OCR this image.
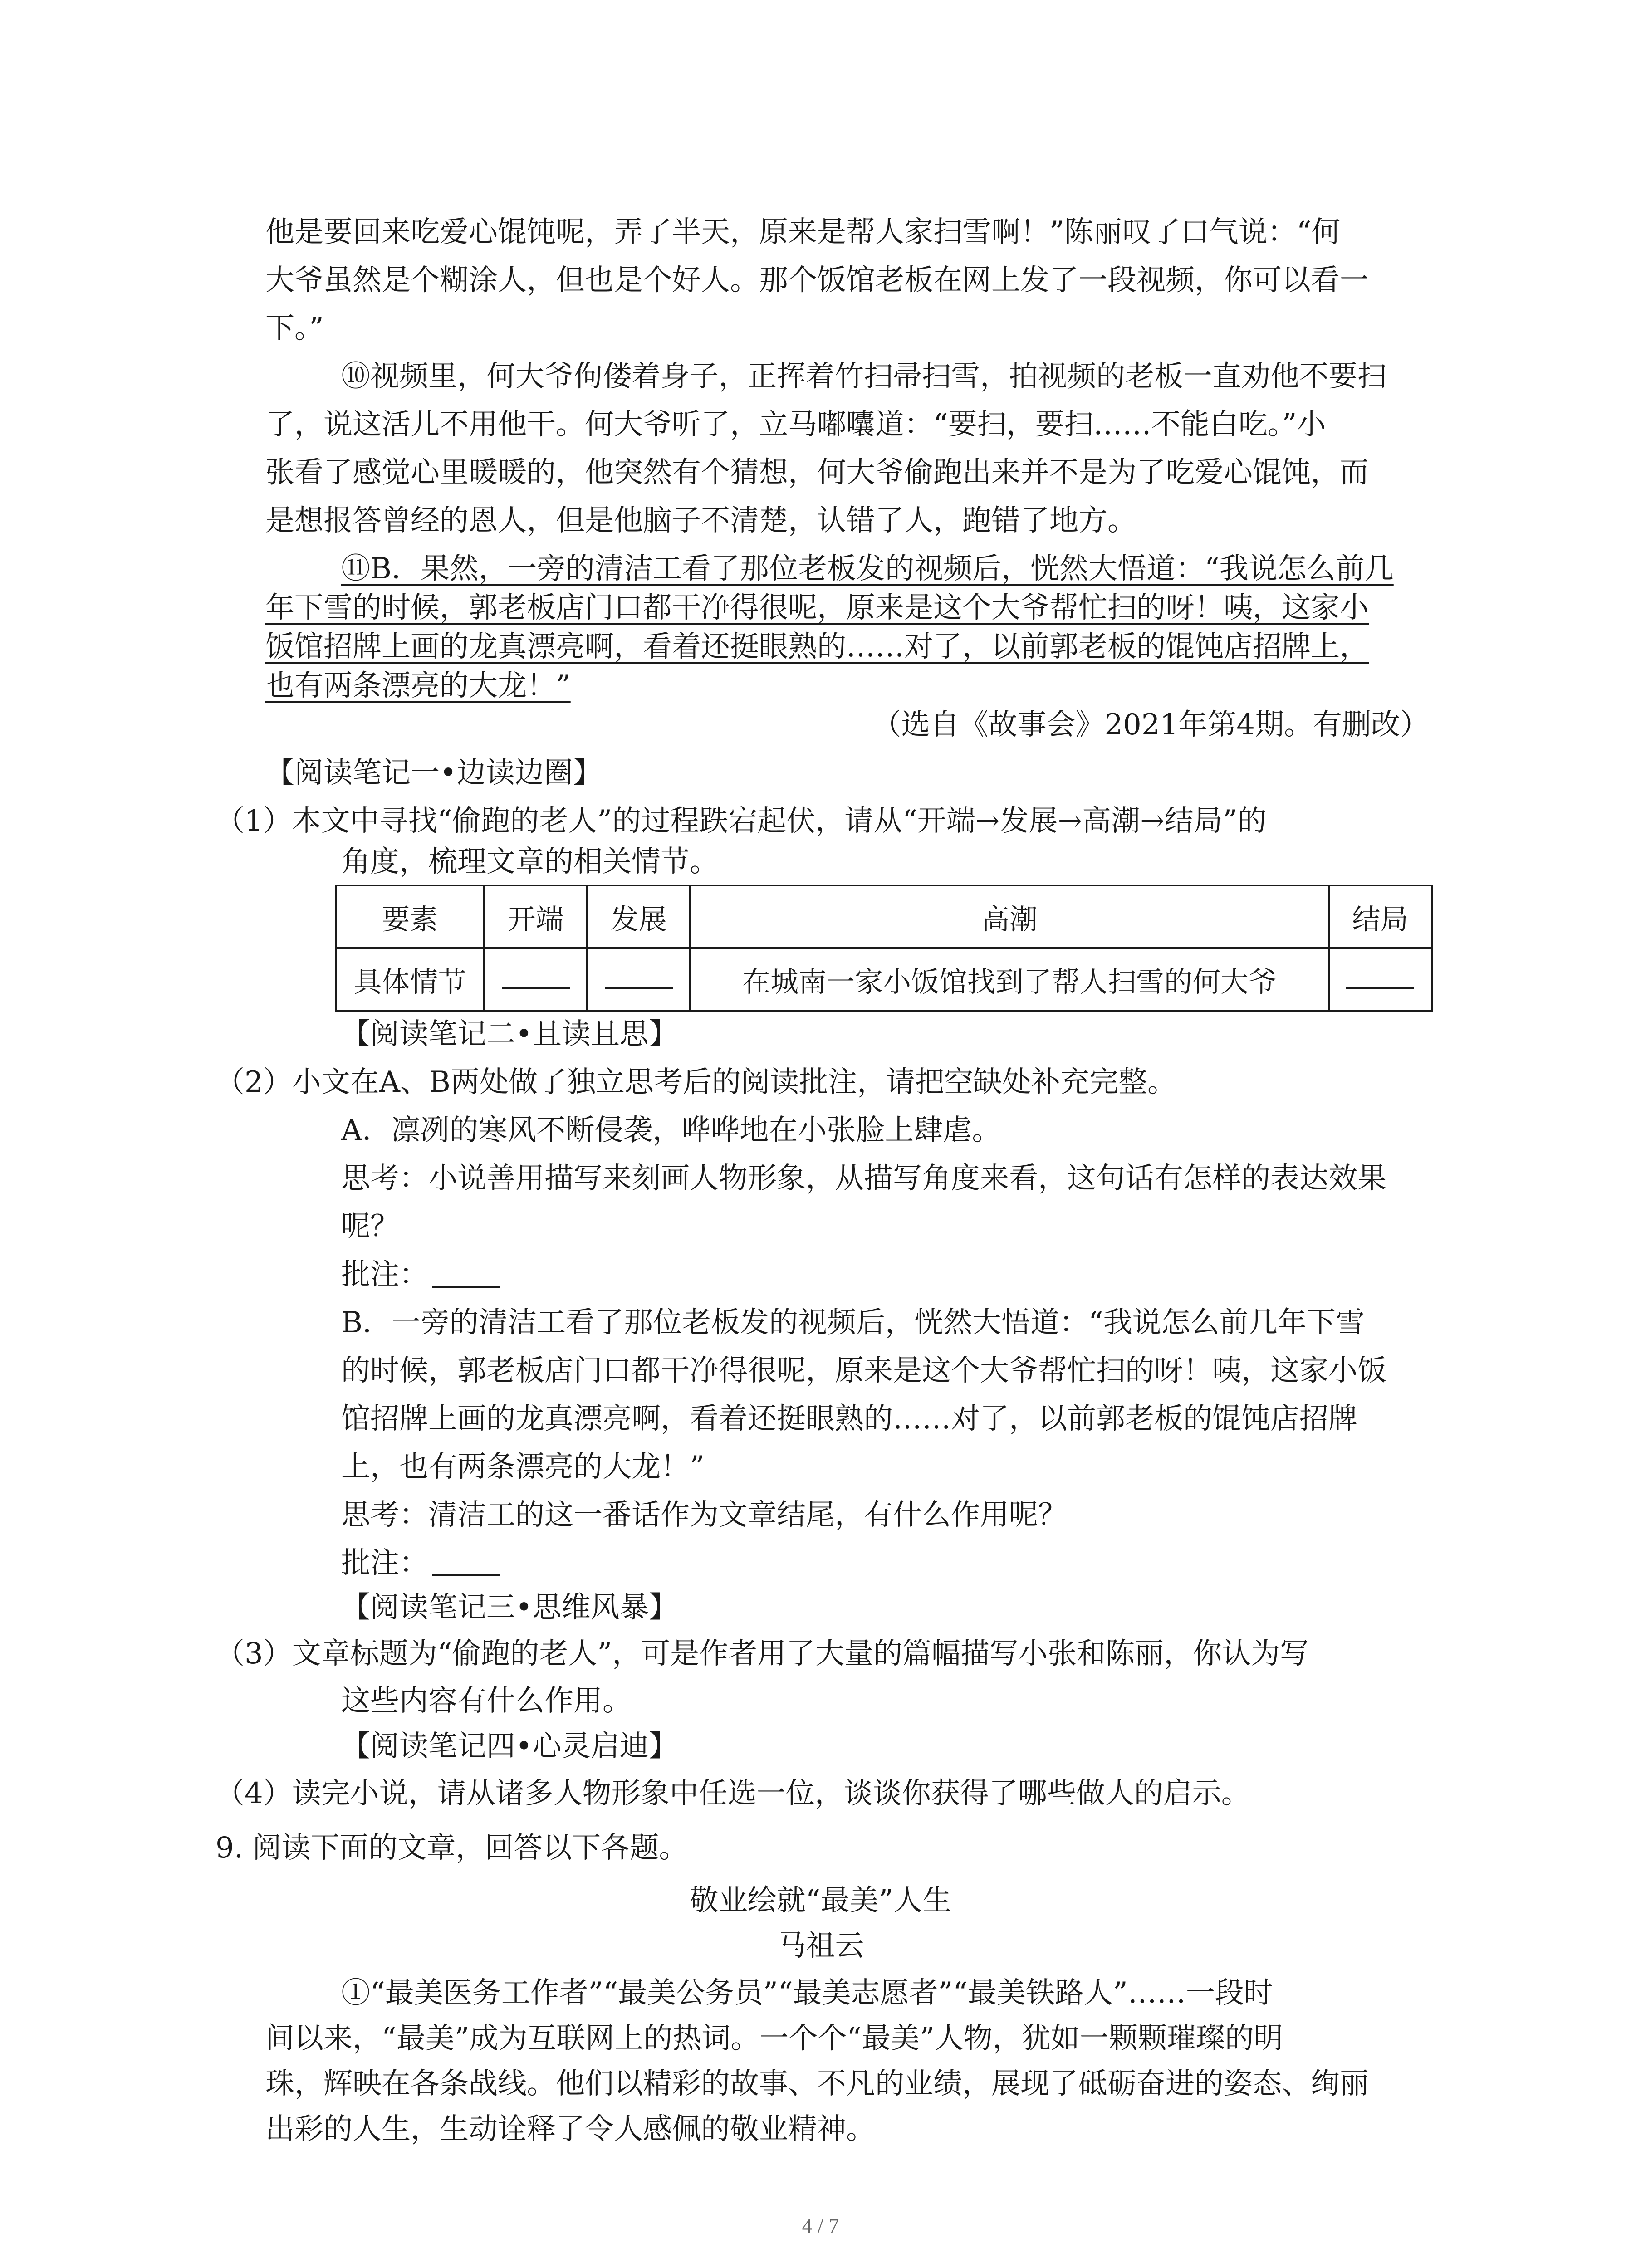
他是要回来吃爱心馄饨呢，弄了半天，原来是帮人家扫雪啊！”陈丽叹了口气说：“何
大爷虽然是个糊涂人，但也是个好人。那个饭馆老板在网上发了一段视频，你可以看一
下。”
⑩视频里，何大爷佝偻着身子，正挥着竹扫帚扫雪，拍视频的老板一直劝他不要扫
了，说这活儿不用他干。何大爷听了，立马嘟囔道：“要扫，要扫……不能白吃。”小
张看了感觉心里暖暖的，他突然有个猜想，何大爷偷跑出来并不是为了吃爱心馄饨，而
是想报答曾经的恩人，但是他脑子不清楚，认错了人，跑错了地方。
⑪B．果然，一旁的清洁工看了那位老板发的视频后，恍然大悟道：“我说怎么前几
年下雪的时候，郭老板店门口都干净得很呢，原来是这个大爷帮忙扫的呀！咦，这家小
饭馆招牌上画的龙真漂亮啊，看着还挺眼熟的……对了，以前郭老板的馄饨店招牌上，
也有两条漂亮的大龙！”
（选自《故事会》2021年第4期。有删改）
【阅读笔记一•边读边圈】
（1）本文中寻找“偷跑的老人”的过程跌宕起伏，请从“开端→发展→高潮→结局”的
角度，梳理文章的相关情节。
要素	开端	发展	高潮	结局
具体情节			在城南一家小饭馆找到了帮人扫雪的何大爷	
【阅读笔记二•且读且思】
（2）小文在A、B两处做了独立思考后的阅读批注，请把空缺处补充完整。
A．凛冽的寒风不断侵袭，哗哗地在小张脸上肆虐。
思考：小说善用描写来刻画人物形象，从描写角度来看，这句话有怎样的表达效果
呢？
批注：
B．一旁的清洁工看了那位老板发的视频后，恍然大悟道：“我说怎么前几年下雪
的时候，郭老板店门口都干净得很呢，原来是这个大爷帮忙扫的呀！咦，这家小饭
馆招牌上画的龙真漂亮啊，看着还挺眼熟的……对了，以前郭老板的馄饨店招牌
上，也有两条漂亮的大龙！”
思考：清洁工的这一番话作为文章结尾，有什么作用呢？
批注：
【阅读笔记三•思维风暴】
（3）文章标题为“偷跑的老人”，可是作者用了大量的篇幅描写小张和陈丽，你认为写
这些内容有什么作用。
【阅读笔记四•心灵启迪】
（4）读完小说，请从诸多人物形象中任选一位，谈谈你获得了哪些做人的启示。
9. 阅读下面的文章，回答以下各题。
敬业绘就“最美”人生
马祖云
①“最美医务工作者”“最美公务员”“最美志愿者”“最美铁路人”……一段时
间以来，“最美”成为互联网上的热词。一个个“最美”人物，犹如一颗颗璀璨的明
珠，辉映在各条战线。他们以精彩的故事、不凡的业绩，展现了砥砺奋进的姿态、绚丽
出彩的人生，生动诠释了令人感佩的敬业精神。
4 / 7
